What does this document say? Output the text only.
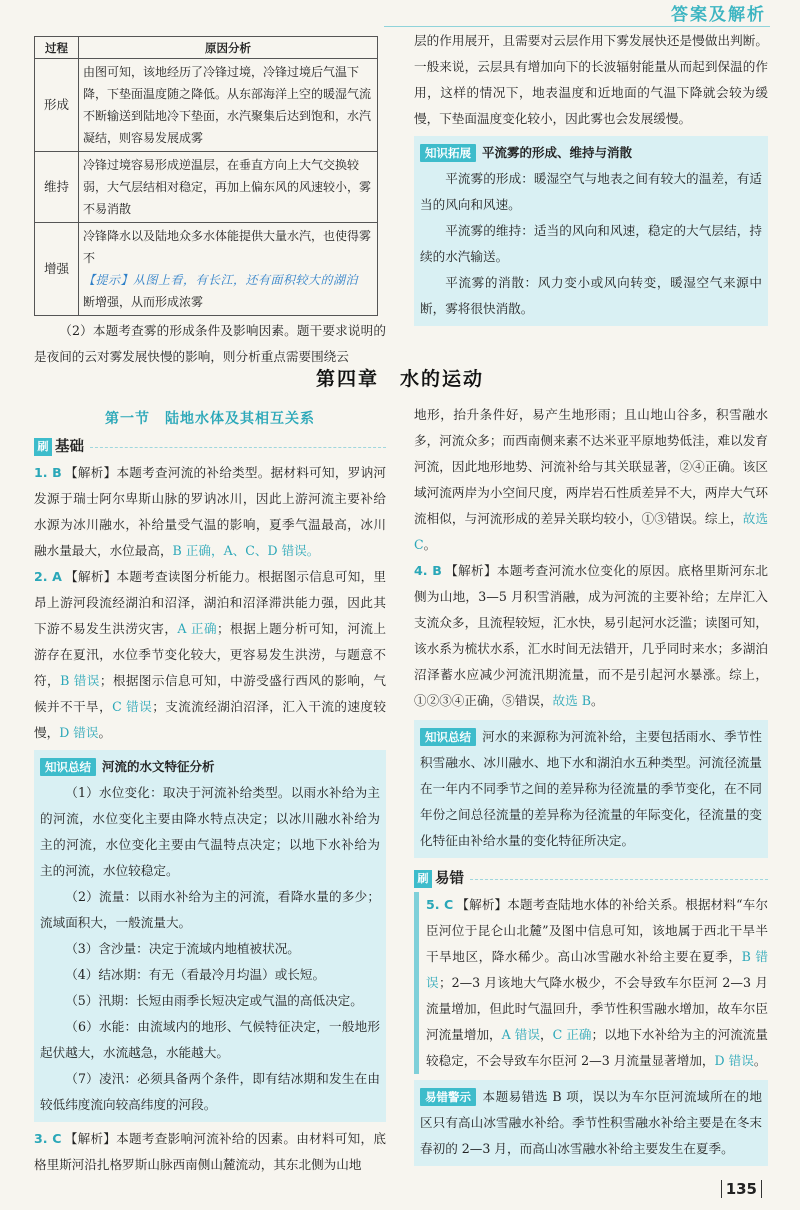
答案及解析
过程	原因分析
形成	由图可知，该地经历了冷锋过境，冷锋过境后气温下降，下垫面温度随之降低。从东部海洋上空的暖湿气流不断输送到陆地冷下垫面，水汽聚集后达到饱和，水汽凝结，则容易发展成雾
维持	冷锋过境容易形成逆温层，在垂直方向上大气交换较弱，大气层结相对稳定，再加上偏东风的风速较小，雾不易消散
增强	冷锋降水以及陆地众多水体能提供大量水汽，也使得雾不
【提示】从图上看，有长江，还有面积较大的湖泊
断增强，从而形成浓雾
（2）本题考查雾的形成条件及影响因素。题干要求说明的是夜间的云对雾发展快慢的影响，则分析重点需要围绕云
层的作用展开，且需要对云层作用下雾发展快还是慢做出判断。一般来说，云层具有增加向下的长波辐射能量从而起到保温的作用，这样的情况下，地表温度和近地面的气温下降就会较为缓慢，下垫面温度变化较小，因此雾也会发展缓慢。
知识拓展 平流雾的形成、维持与消散
平流雾的形成：暖湿空气与地表之间有较大的温差，有适当的风向和风速。
平流雾的维持：适当的风向和风速，稳定的大气层结，持续的水汽输送。
平流雾的消散：风力变小或风向转变，暖湿空气来源中断，雾将很快消散。
第四章　水的运动
第一节　陆地水体及其相互关系
刷 基础
1. B 【解析】本题考查河流的补给类型。据材料可知，罗讷河发源于瑞士阿尔卑斯山脉的罗讷冰川，因此上游河流主要补给水源为冰川融水，补给量受气温的影响，夏季气温最高，冰川融水量最大，水位最高，B 正确，A、C、D 错误。
2. A 【解析】本题考查读图分析能力。根据图示信息可知，里昂上游河段流经湖泊和沼泽，湖泊和沼泽滞洪能力强，因此其下游不易发生洪涝灾害，A 正确；根据上题分析可知，河流上游存在夏汛，水位季节变化较大，更容易发生洪涝，与题意不符，B 错误；根据图示信息可知，中游受盛行西风的影响，气候并不干旱，C 错误；支流流经湖泊沼泽，汇入干流的速度较慢，D 错误。
知识总结 河流的水文特征分析
（1）水位变化：取决于河流补给类型。以雨水补给为主的河流，水位变化主要由降水特点决定；以冰川融水补给为主的河流，水位变化主要由气温特点决定；以地下水补给为主的河流，水位较稳定。
（2）流量：以雨水补给为主的河流，看降水量的多少；流域面积大，一般流量大。
（3）含沙量：决定于流域内地植被状况。
（4）结冰期：有无（看最冷月均温）或长短。
（5）汛期：长短由雨季长短决定或气温的高低决定。
（6）水能：由流域内的地形、气候特征决定，一般地形起伏越大，水流越急，水能越大。
（7）凌汛：必须具备两个条件，即有结冰期和发生在由较低纬度流向较高纬度的河段。
3. C 【解析】本题考查影响河流补给的因素。由材料可知，底格里斯河沿扎格罗斯山脉西南侧山麓流动，其东北侧为山地
地形，抬升条件好，易产生地形雨；且山地山谷多，积雪融水多，河流众多；而西南侧来素不达米亚平原地势低洼，难以发育河流，因此地形地势、河流补给与其关联显著，②④正确。该区域河流两岸为小空间尺度，两岸岩石性质差异不大，两岸大气环流相似，与河流形成的差异关联均较小，①③错误。综上，故选 C。
4. B 【解析】本题考查河流水位变化的原因。底格里斯河东北侧为山地，3—5 月积雪消融，成为河流的主要补给；左岸汇入支流众多，且流程较短，汇水快，易引起河水泛滥；读图可知，该水系为梳状水系，汇水时间无法错开，几乎同时来水；多湖泊沼泽蓄水应减少河流汛期流量，而不是引起河水暴涨。综上，①②③④正确，⑤错误，故选 B。
知识总结 河水的来源称为河流补给，主要包括雨水、季节性积雪融水、冰川融水、地下水和湖泊水五种类型。河流径流量在一年内不同季节之间的差异称为径流量的季节变化，在不同年份之间总径流量的差异称为径流量的年际变化，径流量的变化特征由补给水量的变化特征所决定。
刷 易错
5. C 【解析】本题考查陆地水体的补给关系。根据材料“车尔臣河位于昆仑山北麓”及图中信息可知，该地属于西北干旱半干旱地区，降水稀少。高山冰雪融水补给主要在夏季，B 错误；2—3 月该地大气降水极少，不会导致车尔臣河 2—3 月流量增加，但此时气温回升，季节性积雪融水增加，故车尔臣河流量增加，A 错误，C 正确；以地下水补给为主的河流流量较稳定，不会导致车尔臣河 2—3 月流量显著增加，D 错误。
易错警示 本题易错选 B 项，误以为车尔臣河流域所在的地区只有高山冰雪融水补给。季节性积雪融水补给主要是在冬末春初的 2—3 月，而高山冰雪融水补给主要发生在夏季。
135
